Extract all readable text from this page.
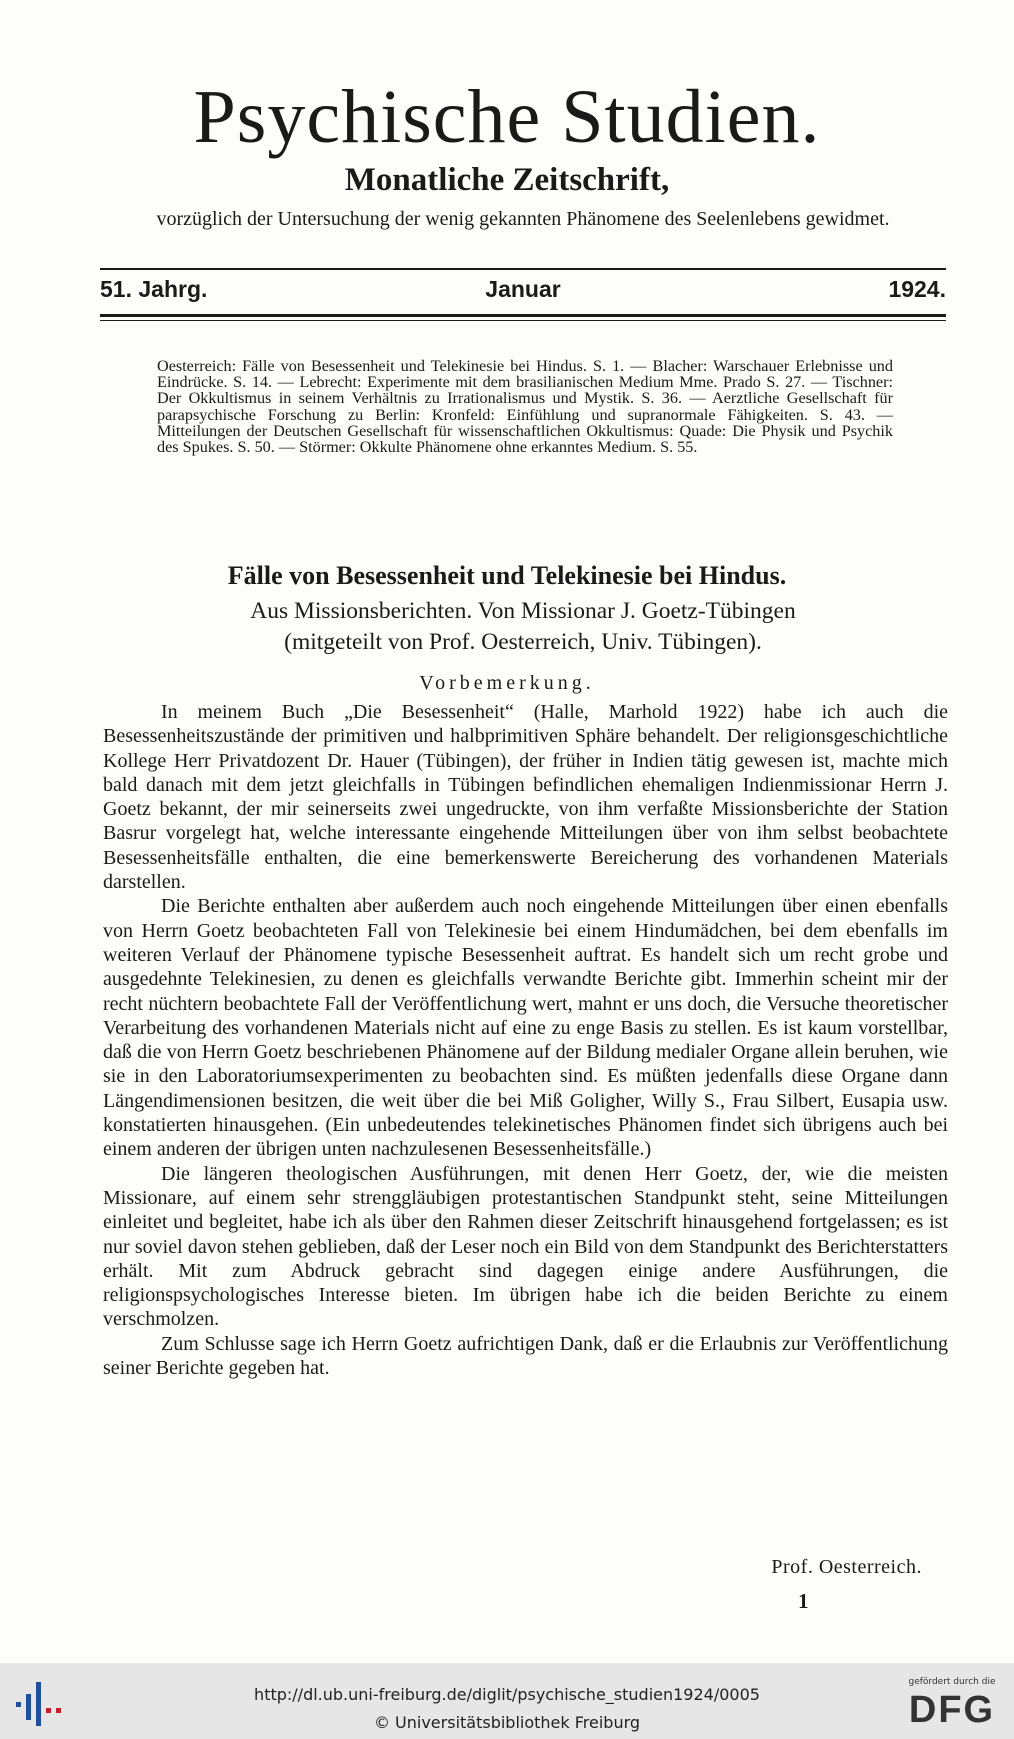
Psychische Studien.
Monatliche Zeitschrift,
vorzüglich der Untersuchung der wenig gekannten Phänomene des Seelenlebens gewidmet.
51. Jahrg.	Januar	1924.

Oesterreich: Fälle von Besessenheit und Telekinesie bei Hindus. S. 1. — Blacher: Warschauer Erlebnisse und Eindrücke. S. 14. — Lebrecht: Experimente mit dem brasilianischen Medium Mme. Prado S. 27. — Tischner: Der Okkultismus in seinem Verhältnis zu Irrationalismus und Mystik. S. 36. — Aerztliche Gesellschaft für parapsychische Forschung zu Berlin: Kronfeld: Einfühlung und supranormale Fähigkeiten. S. 43. — Mitteilungen der Deutschen Gesellschaft für wissenschaftlichen Okkultismus: Quade: Die Physik und Psychik des Spukes. S. 50. — Störmer: Okkulte Phänomene ohne erkanntes Medium. S. 55.

Fälle von Besessenheit und Telekinesie bei Hindus.
Aus Missionsberichten. Von Missionar J. Goetz-Tübingen
(mitgeteilt von Prof. Oesterreich, Univ. Tübingen).
Vorbemerkung.

In meinem Buch „Die Besessenheit“ (Halle, Marhold 1922) habe ich auch die Besessenheitszustände der primitiven und halbprimitiven Sphäre behandelt. Der religionsgeschichtliche Kollege Herr Privatdozent Dr. Hauer (Tübingen), der früher in Indien tätig gewesen ist, machte mich bald danach mit dem jetzt gleichfalls in Tübingen befindlichen ehemaligen Indienmissionar Herrn J. Goetz bekannt, der mir seinerseits zwei ungedruckte, von ihm verfaßte Missionsberichte der Station Basrur vorgelegt hat, welche interessante eingehende Mitteilungen über von ihm selbst beobachtete Besessenheitsfälle enthalten, die eine bemerkenswerte Bereicherung des vorhandenen Materials darstellen.

Die Berichte enthalten aber außerdem auch noch eingehende Mitteilungen über einen ebenfalls von Herrn Goetz beobachteten Fall von Telekinesie bei einem Hindumädchen, bei dem ebenfalls im weiteren Verlauf der Phänomene typische Besessenheit auftrat. Es handelt sich um recht grobe und ausgedehnte Telekinesien, zu denen es gleichfalls verwandte Berichte gibt. Immerhin scheint mir der recht nüchtern beobachtete Fall der Veröffentlichung wert, mahnt er uns doch, die Versuche theoretischer Verarbeitung des vorhandenen Materials nicht auf eine zu enge Basis zu stellen. Es ist kaum vorstellbar, daß die von Herrn Goetz beschriebenen Phänomene auf der Bildung medialer Organe allein beruhen, wie sie in den Laboratoriumsexperimenten zu beobachten sind. Es müßten jedenfalls diese Organe dann Längendimensionen besitzen, die weit über die bei Miß Goligher, Willy S., Frau Silbert, Eusapia usw. konstatierten hinausgehen. (Ein unbedeutendes telekinetisches Phänomen findet sich übrigens auch bei einem anderen der übrigen unten nachzulesenen Besessenheitsfälle.)

Die längeren theologischen Ausführungen, mit denen Herr Goetz, der, wie die meisten Missionare, auf einem sehr strenggläubigen protestantischen Standpunkt steht, seine Mitteilungen einleitet und begleitet, habe ich als über den Rahmen dieser Zeitschrift hinausgehend fortgelassen; es ist nur soviel davon stehen geblieben, daß der Leser noch ein Bild von dem Standpunkt des Berichterstatters erhält. Mit zum Abdruck gebracht sind dagegen einige andere Ausführungen, die religionspsychologisches Interesse bieten. Im übrigen habe ich die beiden Berichte zu einem verschmolzen.

Zum Schlusse sage ich Herrn Goetz aufrichtigen Dank, daß er die Erlaubnis zur Veröffentlichung seiner Berichte gegeben hat.

Prof. Oesterreich.
1
http://dl.ub.uni-freiburg.de/diglit/psychische_studien1924/0005
© Universitätsbibliothek Freiburg
gefördert durch die
DFG
